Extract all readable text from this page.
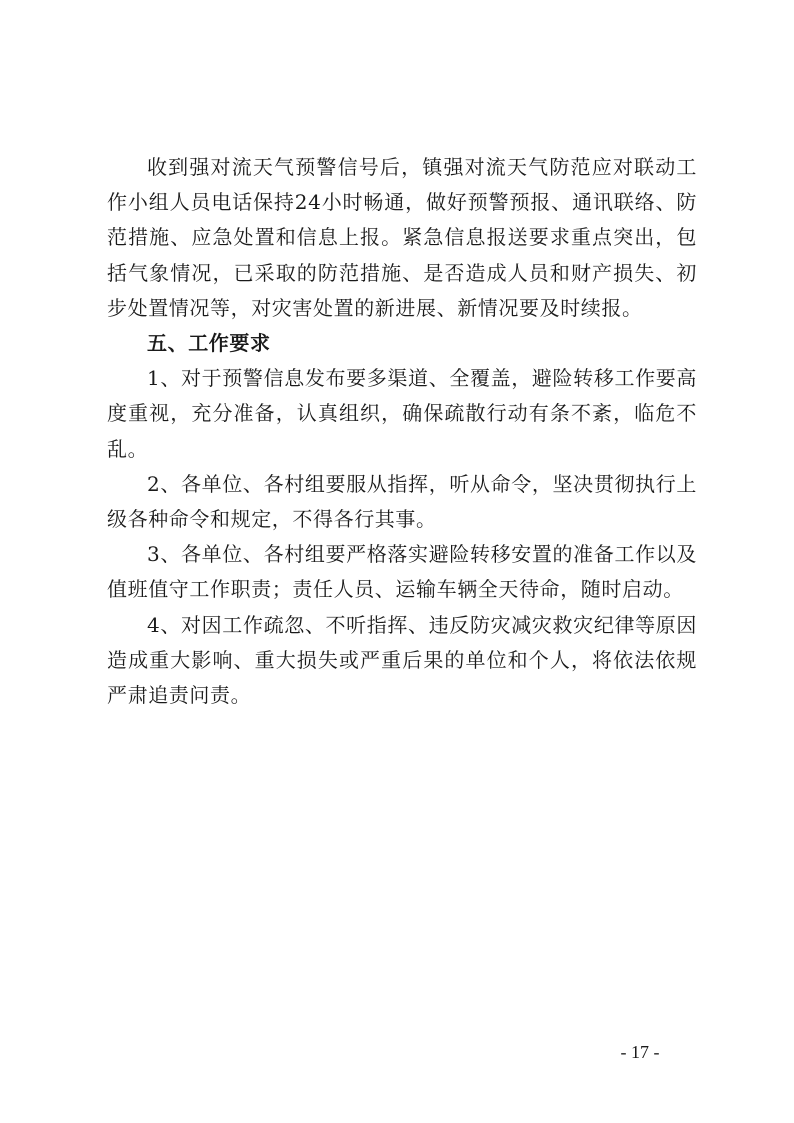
收到强对流天气预警信号后，镇强对流天气防范应对联动工作小组人员电话保持24小时畅通，做好预警预报、通讯联络、防范措施、应急处置和信息上报。紧急信息报送要求重点突出，包括气象情况，已采取的防范措施、是否造成人员和财产损失、初步处置情况等，对灾害处置的新进展、新情况要及时续报。

五、工作要求

1、对于预警信息发布要多渠道、全覆盖，避险转移工作要高度重视，充分准备，认真组织，确保疏散行动有条不紊，临危不乱。

2、各单位、各村组要服从指挥，听从命令，坚决贯彻执行上级各种命令和规定，不得各行其事。

3、各单位、各村组要严格落实避险转移安置的准备工作以及值班值守工作职责；责任人员、运输车辆全天待命，随时启动。

4、对因工作疏忽、不听指挥、违反防灾减灾救灾纪律等原因造成重大影响、重大损失或严重后果的单位和个人，将依法依规严肃追责问责。

- 17 -
